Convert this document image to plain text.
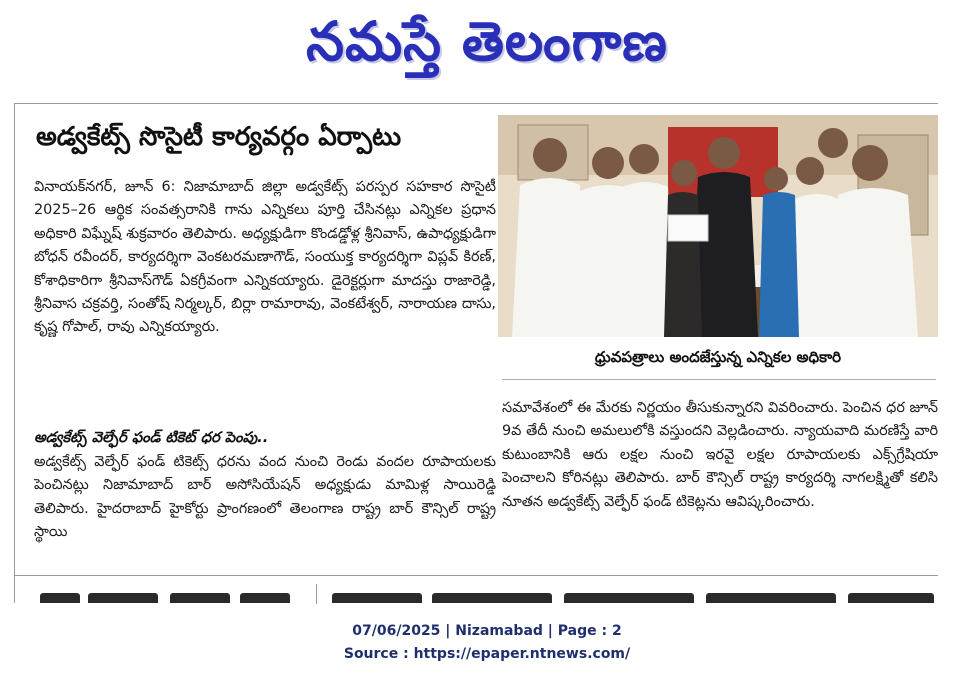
నమస్తే తెలంగాణ
అడ్వకేట్స్ సొసైటీ కార్యవర్గం ఏర్పాటు
వినాయక్‌నగర్, జూన్ 6: నిజామాబాద్ జిల్లా అడ్వకేట్స్ పరస్పర సహకార సొసైటీ 2025–26 ఆర్థిక సంవత్సరానికి గాను ఎన్నికలు పూర్తి చేసినట్లు ఎన్నికల ప్రధాన అధికారి విఘ్నేష్ శుక్రవారం తెలిపారు. అధ్యక్షుడిగా కొండడ్డోళ్ల శ్రీనివాస్, ఉపాధ్యక్షుడిగా బోధన్ రవీందర్, కార్యదర్శిగా వెంకటరమణాగౌడ్, సంయుక్త కార్యదర్శిగా విప్లవ్ కిరణ్, కోశాధికారిగా శ్రీనివాస్‌గౌడ్ ఏకగ్రీవంగా ఎన్నికయ్యారు. డైరెక్టర్లుగా మాదస్తు రాజారెడ్డి, శ్రీనివాస చక్రవర్తి, సంతోష్ నిర్మల్కర్, బిర్లా రామారావు, వెంకటేశ్వర్, నారాయణ దాసు, కృష్ణ గోపాల్, రావు ఎన్నికయ్యారు.
అడ్వకేట్స్ వెల్ఫేర్ ఫండ్ టికెట్ ధర పెంపు..
అడ్వకేట్స్ వెల్ఫేర్ ఫండ్ టికెట్స్ ధరను వంద నుంచి రెండు వందల రూపాయలకు పెంచినట్లు నిజామాబాద్ బార్ అసోసియేషన్ అధ్యక్షుడు మామిళ్ల సాయిరెడ్డి తెలిపారు. హైదరాబాద్ హైకోర్టు ప్రాంగణంలో తెలంగాణ రాష్ట్ర బార్ కౌన్సిల్ రాష్ట్ర స్థాయి
ధ్రువపత్రాలు అందజేస్తున్న ఎన్నికల అధికారి
సమావేశంలో ఈ మేరకు నిర్ణయం తీసుకున్నారని వివరించారు. పెంచిన ధర జూన్ 9వ తేదీ నుంచి అమలులోకి వస్తుందని వెల్లడించారు. న్యాయవాది మరణిస్తే వారి కుటుంబానికి ఆరు లక్షల నుంచి ఇరవై లక్షల రూపాయలకు ఎక్స్‌గ్రేషియా పెంచాలని కోరినట్లు తెలిపారు. బార్ కౌన్సిల్ రాష్ట్ర కార్యదర్శి నాగలక్ష్మితో కలిసి నూతన అడ్వకేట్స్ వెల్ఫేర్ ఫండ్ టికెట్లను ఆవిష్కరించారు.
07/06/2025 | Nizamabad | Page : 2
Source : https://epaper.ntnews.com/
